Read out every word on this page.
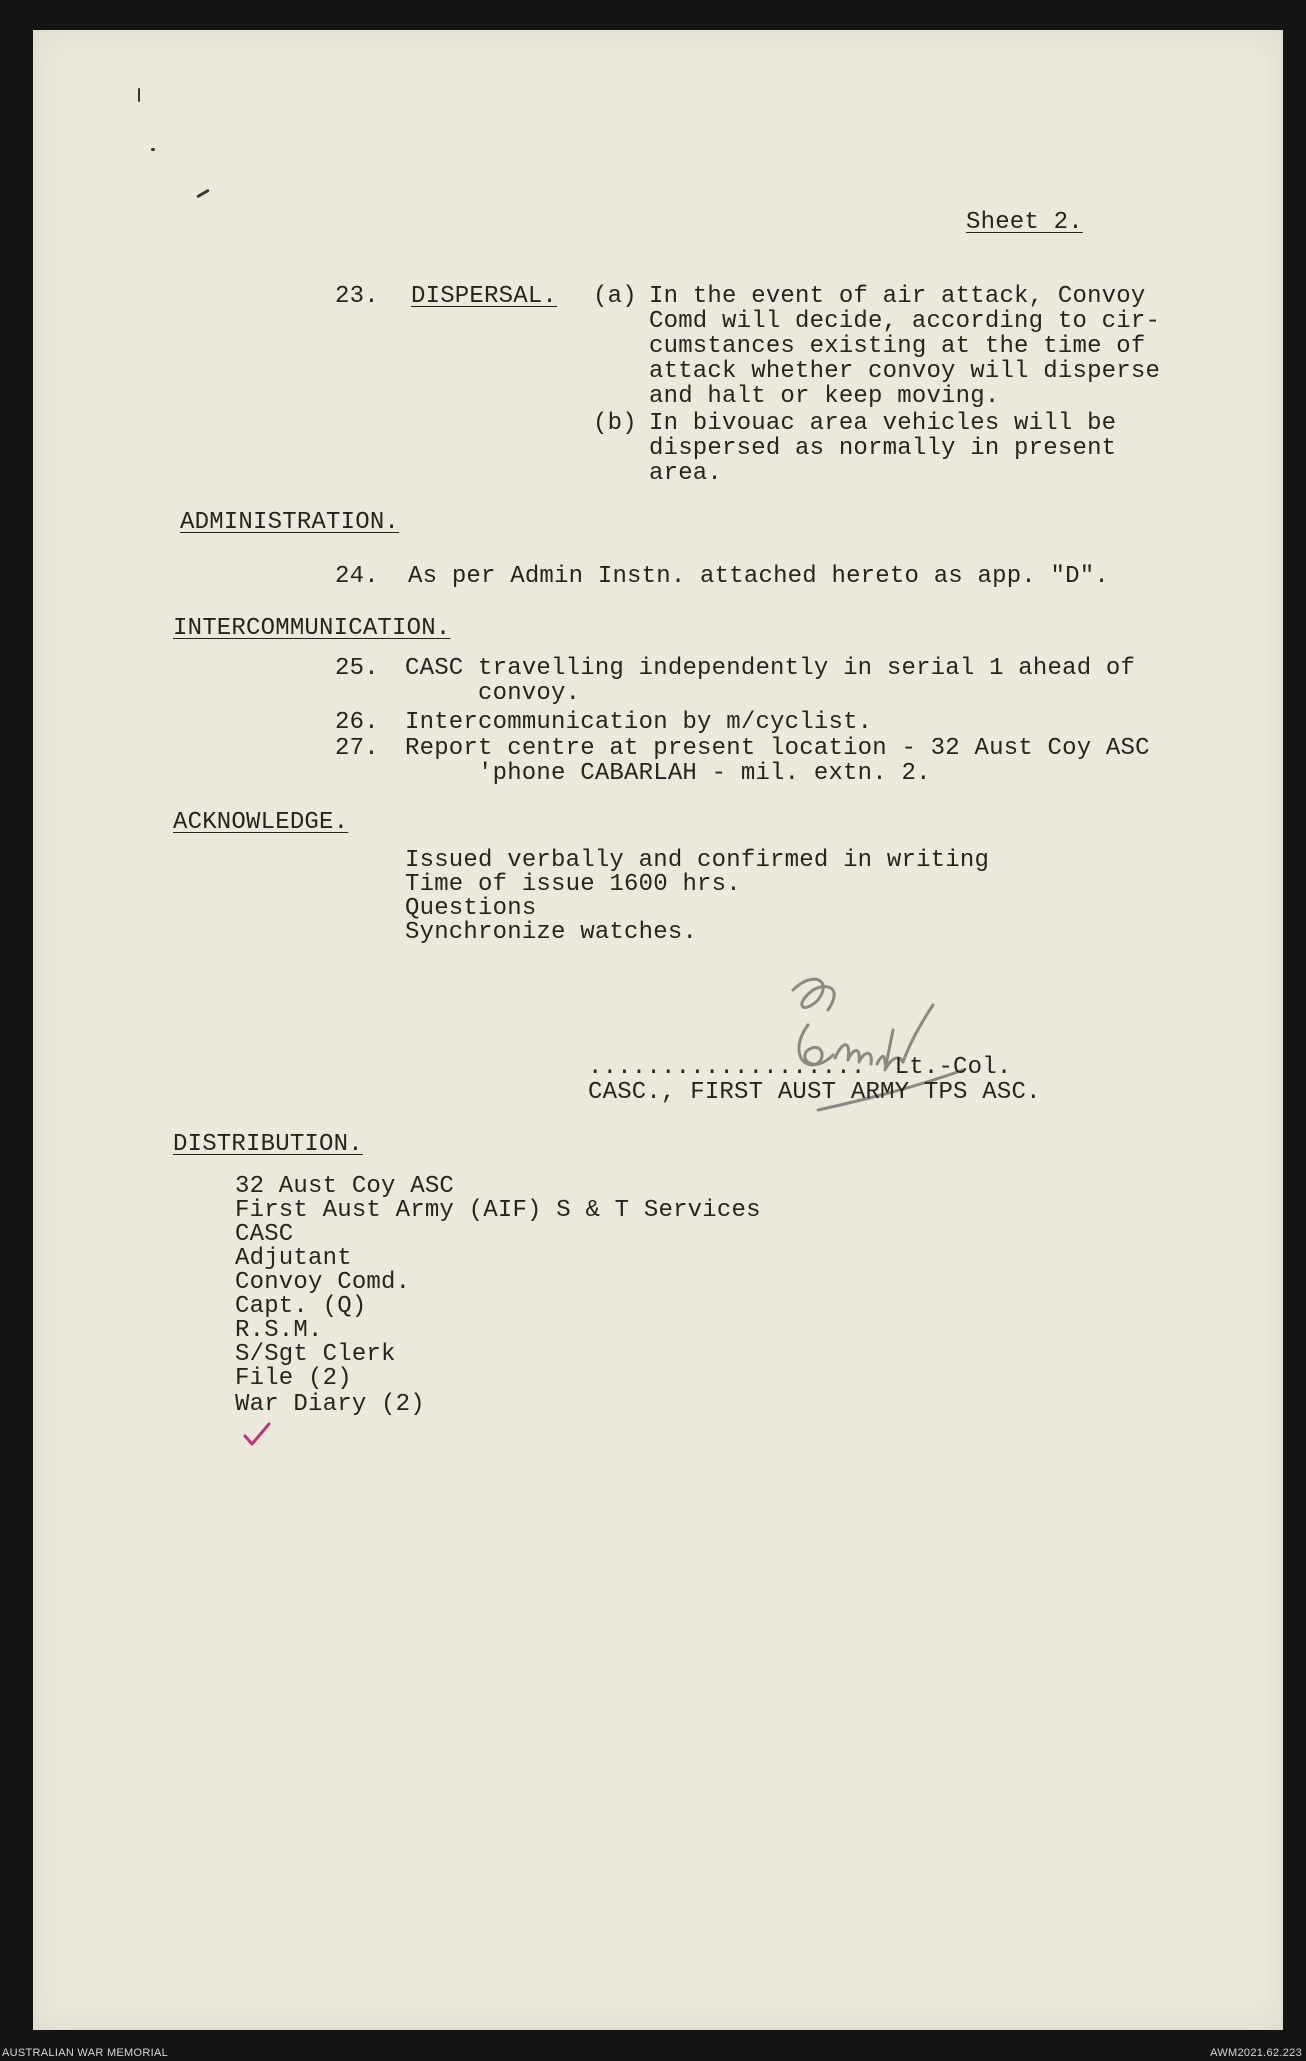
Sheet 2.
23. DISPERSAL. (a) In the event of air attack, Convoy
Comd will decide, according to cir-
cumstances existing at the time of
attack whether convoy will disperse
and halt or keep moving.
(b) In bivouac area vehicles will be
dispersed as normally in present
area.
ADMINISTRATION.
24.  As per Admin Instn. attached hereto as app. "D".
INTERCOMMUNICATION.
25. CASC travelling independently in serial 1 ahead of
convoy.
26. Intercommunication by m/cyclist.
27. Report centre at present location - 32 Aust Coy ASC
'phone CABARLAH - mil. extn. 2.
ACKNOWLEDGE.
Issued verbally and confirmed in writing
Time of issue 1600 hrs.
Questions
Synchronize watches.
...................  Lt.-Col.
CASC., FIRST AUST ARMY TPS ASC.
DISTRIBUTION.
32 Aust Coy ASC
First Aust Army (AIF) S & T Services
CASC
Adjutant
Convoy Comd.
Capt. (Q)
R.S.M.
S/Sgt Clerk
File (2)
War Diary (2)
AUSTRALIAN WAR MEMORIAL	AWM2021.62.223
